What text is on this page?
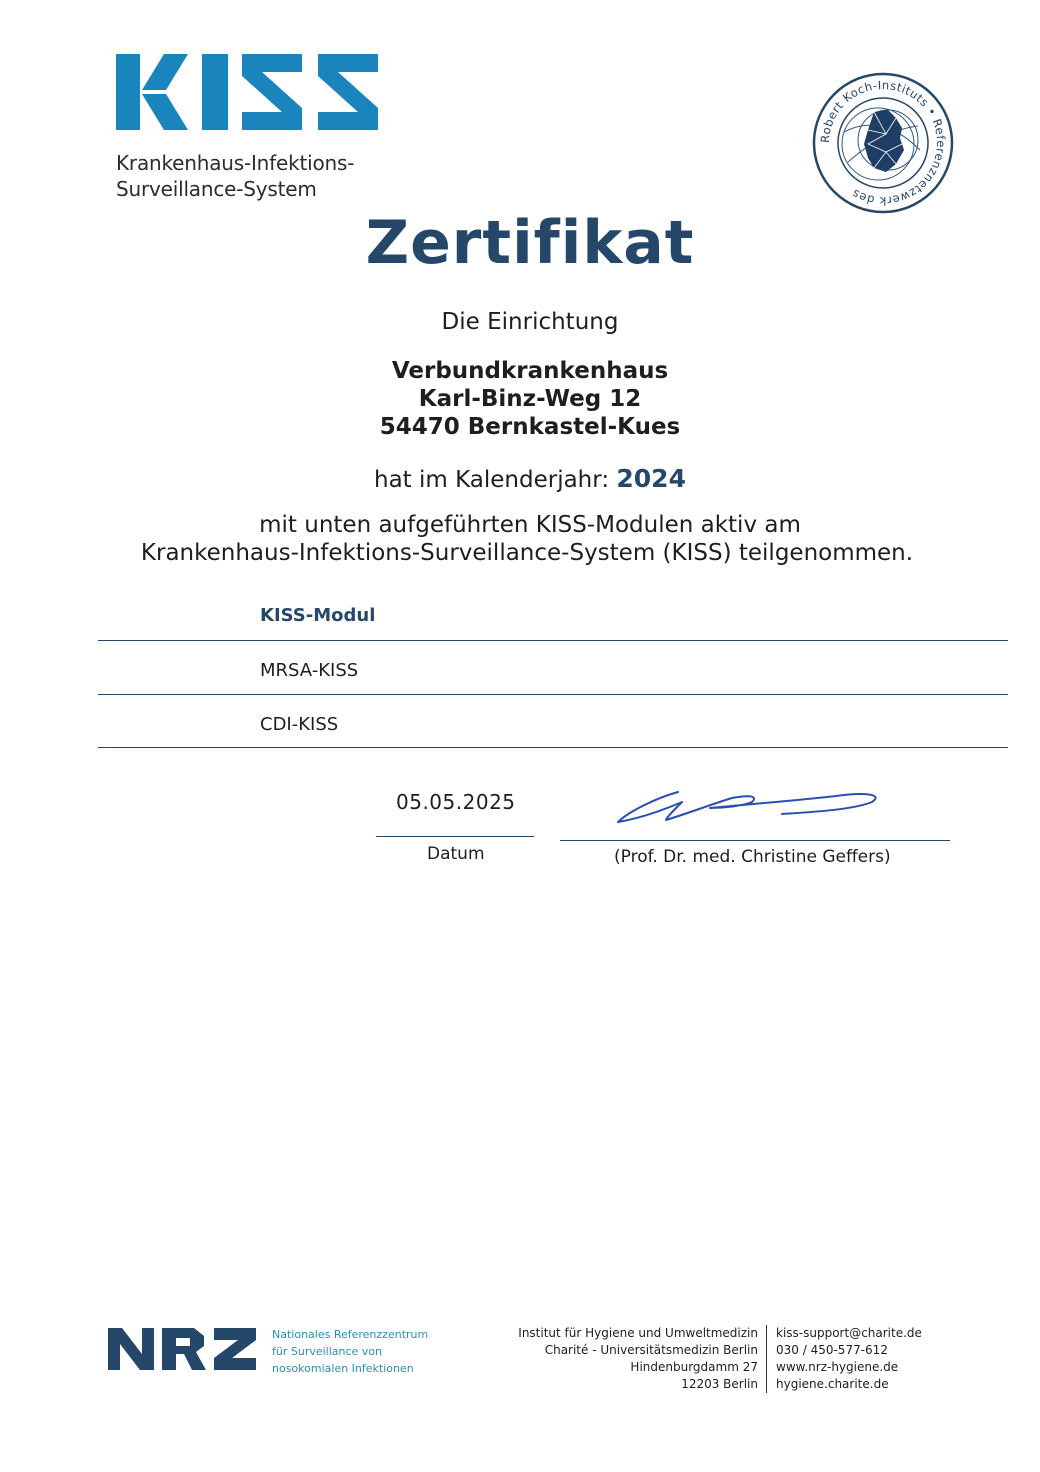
Krankenhaus-Infektions-
Surveillance-System
Robert Koch-Instituts • Referenznetzwerk des
Zertifikat
Die Einrichtung
Verbundkrankenhaus
Karl-Binz-Weg 12
54470 Bernkastel-Kues
hat im Kalenderjahr: 2024
mit unten aufgeführten KISS-Modulen aktiv am
Krankenhaus-Infektions-Surveillance-System (KISS) teilgenommen.
KISS-Modul
MRSA-KISS
CDI-KISS
05.05.2025
Datum	(Prof. Dr. med. Christine Geffers)
Nationales Referenzzentrum
für Surveillance von
nosokomialen Infektionen
Institut für Hygiene und Umweltmedizin
Charité - Universitätsmedizin Berlin
Hindenburgdamm 27
12203 Berlin
kiss-support@charite.de
030 / 450-577-612
www.nrz-hygiene.de
hygiene.charite.de
